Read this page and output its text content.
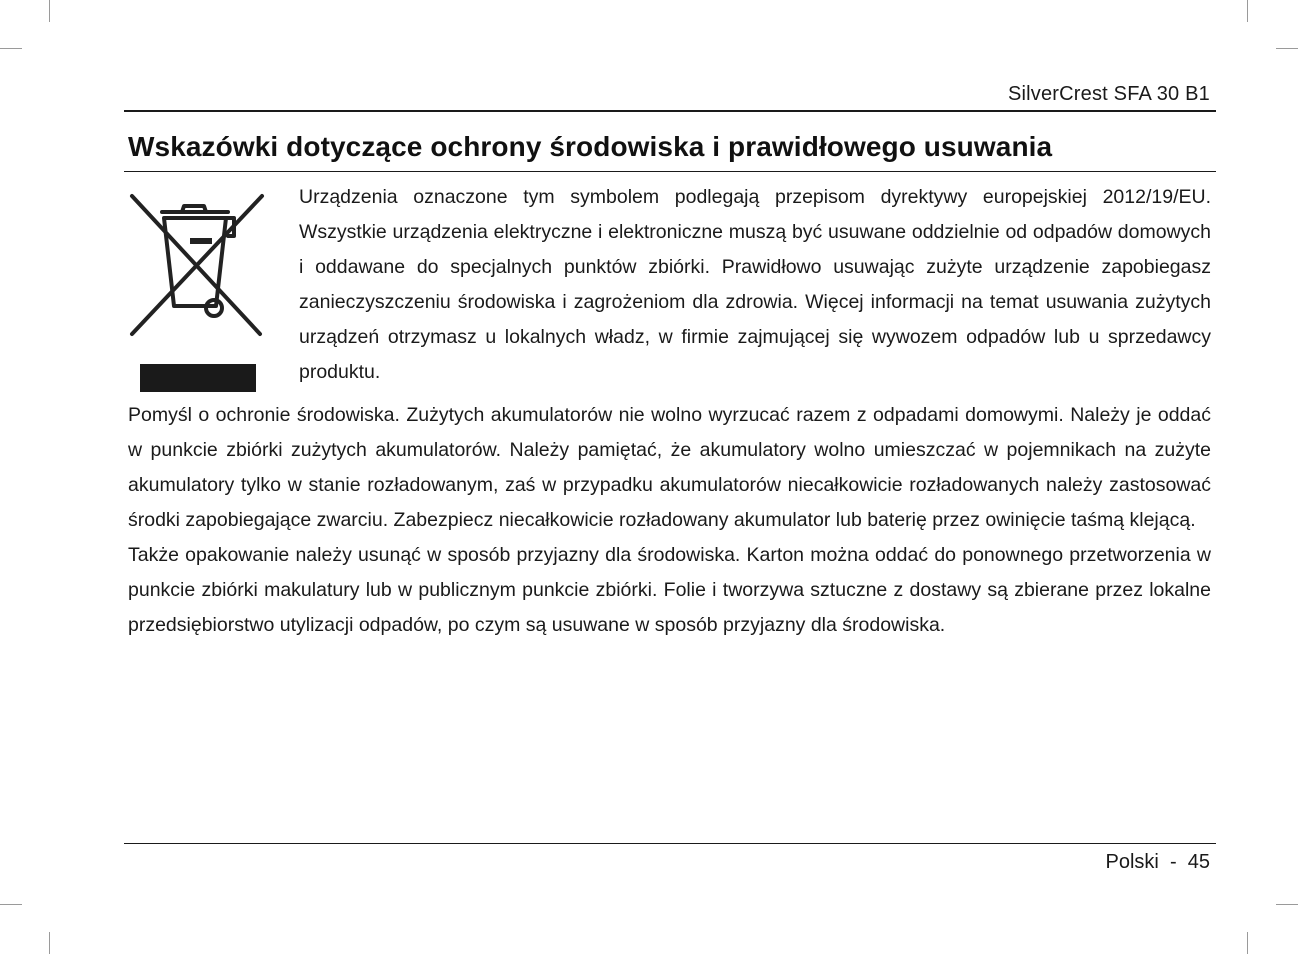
SilverCrest SFA 30 B1
Wskazówki dotyczące ochrony środowiska i prawidłowego usuwania

Urządzenia oznaczone tym symbolem podlegają przepisom dyrektywy europejskiej 2012/19/EU. Wszystkie urządzenia elektryczne i elektroniczne muszą być usuwane oddzielnie od odpadów domowych i oddawane do specjalnych punktów zbiórki. Prawidłowo usuwając zużyte urządzenie zapobiegasz zanieczyszczeniu środowiska i zagrożeniom dla zdrowia. Więcej informacji na temat usuwania zużytych urządzeń otrzymasz u lokalnych władz, w firmie zajmującej się wywozem odpadów lub u sprzedawcy produktu.

Pomyśl o ochronie środowiska. Zużytych akumulatorów nie wolno wyrzucać razem z odpadami domowymi. Należy je oddać w punkcie zbiórki zużytych akumulatorów. Należy pamiętać, że akumulatory wolno umieszczać w pojemnikach na zużyte akumulatory tylko w stanie rozładowanym, zaś w przypadku akumulatorów niecałkowicie rozładowanych należy zastosować środki zapobiegające zwarciu. Zabezpiecz niecałkowicie rozładowany akumulator lub baterię przez owinięcie taśmą klejącą.

Także opakowanie należy usunąć w sposób przyjazny dla środowiska. Karton można oddać do ponownego przetworzenia w punkcie zbiórki makulatury lub w publicznym punkcie zbiórki. Folie i tworzywa sztuczne z dostawy są zbierane przez lokalne przedsiębiorstwo utylizacji odpadów, po czym są usuwane w sposób przyjazny dla środowiska.

Polski  -  45
